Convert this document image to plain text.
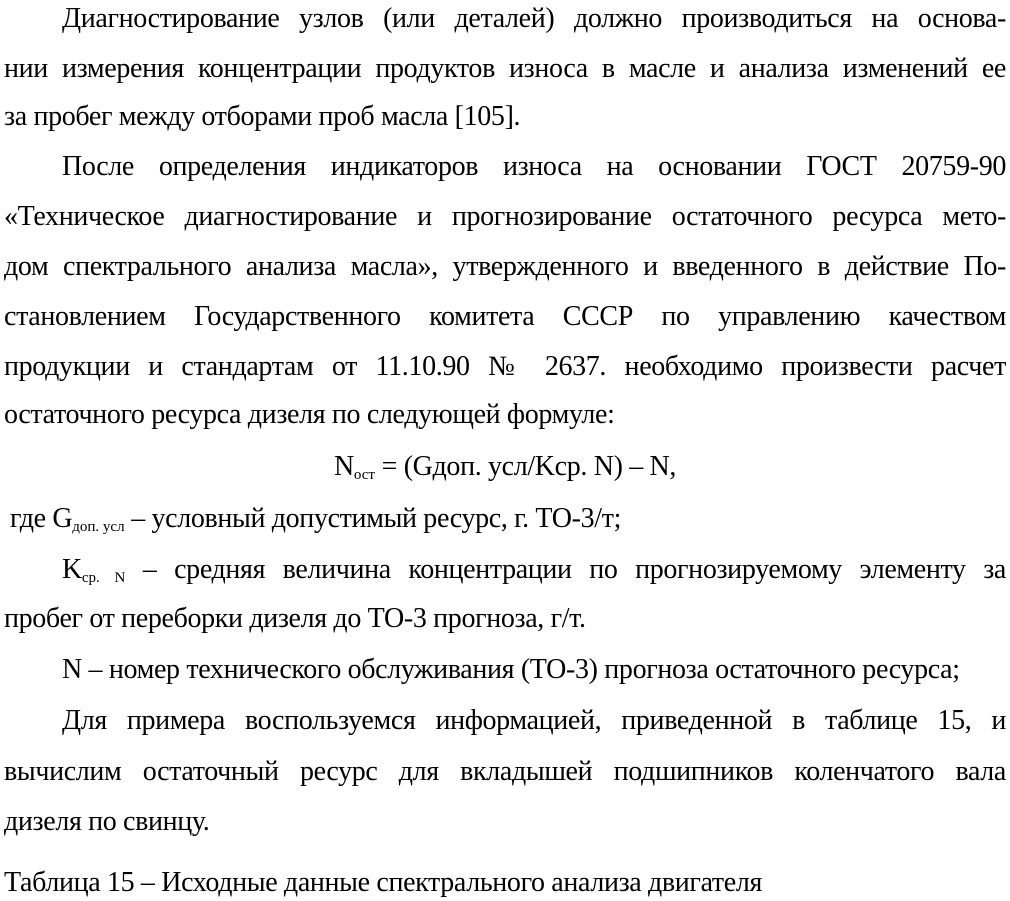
Диагностирование узлов (или деталей) должно производиться на основа-
нии измерения концентрации продуктов износа в масле и анализа изменений ее
за пробег между отборами проб масла [105].
После определения индикаторов износа на основании ГОСТ 20759-90
«Техническое диагностирование и прогнозирование остаточного ресурса мето-
дом спектрального анализа масла», утвержденного и введенного в действие По-
становлением Государственного комитета СССР по управлению качеством
продукции и стандартам от 11.10.90 № 2637. необходимо произвести расчет
остаточного ресурса дизеля по следующей формуле:
$N_{ост}$ = (Gдоп. усл/Kср. N) – N,
где $G_{доп. усл}$ – условный допустимый ресурс, г. ТО-3/т;
$K_{ср. N}$ – средняя величина концентрации по прогнозируемому элементу за
пробег от переборки дизеля до ТО-3 прогноза, г/т.
N – номер технического обслуживания (ТО-3) прогноза остаточного ресурса;
Для примера воспользуемся информацией, приведенной в таблице 15, и
вычислим остаточный ресурс для вкладышей подшипников коленчатого вала
дизеля по свинцу.
Таблица 15 – Исходные данные спектрального анализа двигателя
